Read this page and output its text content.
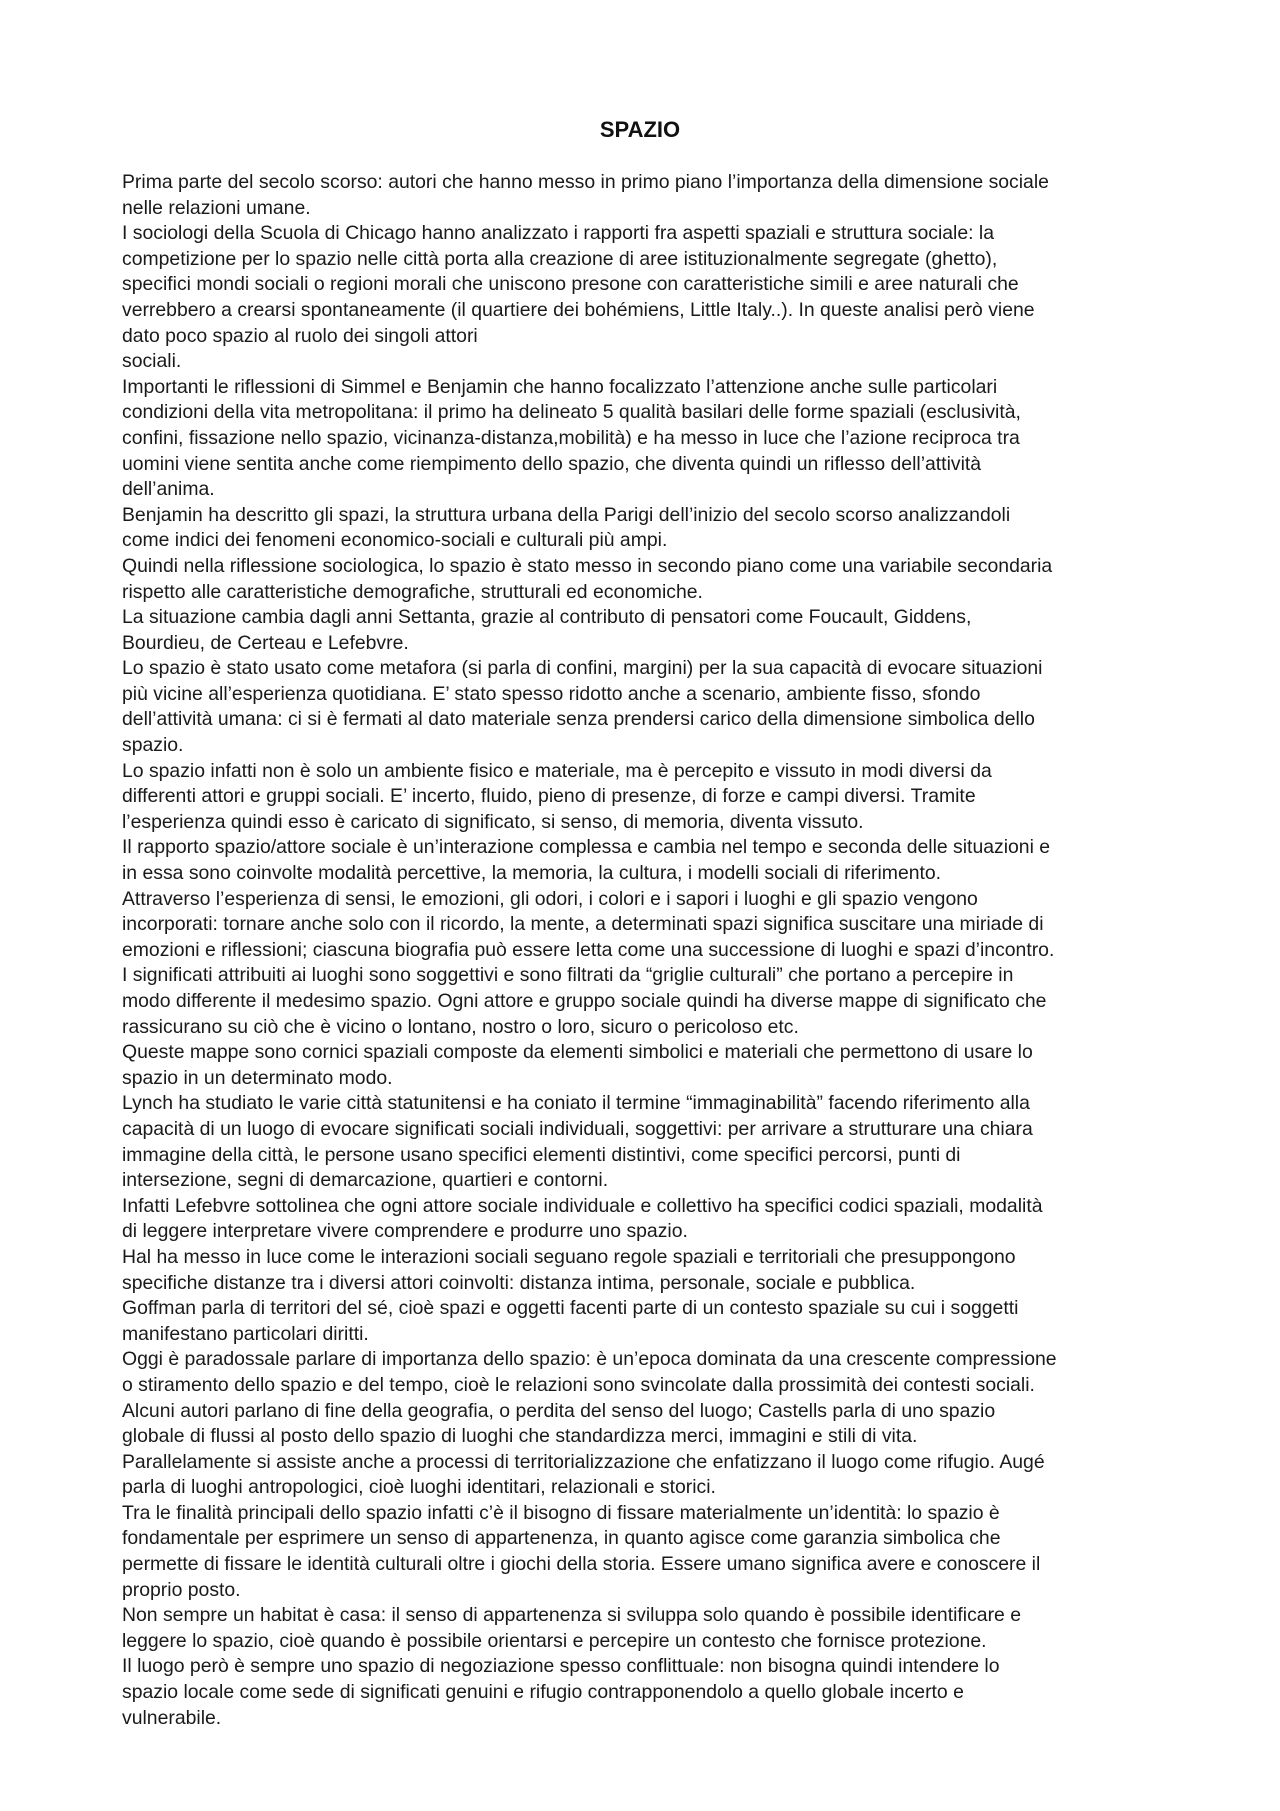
SPAZIO
Prima parte del secolo scorso: autori che hanno messo in primo piano l’importanza della dimensione sociale
nelle relazioni umane.
I sociologi della Scuola di Chicago hanno analizzato i rapporti fra aspetti spaziali e struttura sociale: la
competizione per lo spazio nelle città porta alla creazione di aree istituzionalmente segregate (ghetto),
specifici mondi sociali o regioni morali che uniscono presone con caratteristiche simili e aree naturali che
verrebbero a crearsi spontaneamente (il quartiere dei bohémiens, Little Italy..). In queste analisi però viene
dato poco spazio al ruolo dei singoli attori
sociali.
Importanti le riflessioni di Simmel e Benjamin che hanno focalizzato l’attenzione anche sulle particolari
condizioni della vita metropolitana: il primo ha delineato 5 qualità basilari delle forme spaziali (esclusività,
confini, fissazione nello spazio, vicinanza-distanza,mobilità) e ha messo in luce che l’azione reciproca tra
uomini viene sentita anche come riempimento dello spazio, che diventa quindi un riflesso dell’attività
dell’anima.
Benjamin ha descritto gli spazi, la struttura urbana della Parigi dell’inizio del secolo scorso analizzandoli
come indici dei fenomeni economico-sociali e culturali più ampi.
Quindi nella riflessione sociologica, lo spazio è stato messo in secondo piano come una variabile secondaria
rispetto alle caratteristiche demografiche, strutturali ed economiche.
La situazione cambia dagli anni Settanta, grazie al contributo di pensatori come Foucault, Giddens,
Bourdieu, de Certeau e Lefebvre.
Lo spazio è stato usato come metafora (si parla di confini, margini) per la sua capacità di evocare situazioni
più vicine all’esperienza quotidiana. E’ stato spesso ridotto anche a scenario, ambiente fisso, sfondo
dell’attività umana: ci si è fermati al dato materiale senza prendersi carico della dimensione simbolica dello
spazio.
Lo spazio infatti non è solo un ambiente fisico e materiale, ma è percepito e vissuto in modi diversi da
differenti attori e gruppi sociali. E’ incerto, fluido, pieno di presenze, di forze e campi diversi. Tramite
l’esperienza quindi esso è caricato di significato, si senso, di memoria, diventa vissuto.
Il rapporto spazio/attore sociale è un’interazione complessa e cambia nel tempo e seconda delle situazioni e
in essa sono coinvolte modalità percettive, la memoria, la cultura, i modelli sociali di riferimento.
Attraverso l’esperienza di sensi, le emozioni, gli odori, i colori e i sapori i luoghi e gli spazio vengono
incorporati: tornare anche solo con il ricordo, la mente, a determinati spazi significa suscitare una miriade di
emozioni e riflessioni; ciascuna biografia può essere letta come una successione di luoghi e spazi d’incontro.
I significati attribuiti ai luoghi sono soggettivi e sono filtrati da “griglie culturali” che portano a percepire in
modo differente il medesimo spazio. Ogni attore e gruppo sociale quindi ha diverse mappe di significato che
rassicurano su ciò che è vicino o lontano, nostro o loro, sicuro o pericoloso etc.
Queste mappe sono cornici spaziali composte da elementi simbolici e materiali che permettono di usare lo
spazio in un determinato modo.
Lynch ha studiato le varie città statunitensi e ha coniato il termine “immaginabilità” facendo riferimento alla
capacità di un luogo di evocare significati sociali individuali, soggettivi: per arrivare a strutturare una chiara
immagine della città, le persone usano specifici elementi distintivi, come specifici percorsi, punti di
intersezione, segni di demarcazione, quartieri e contorni.
Infatti Lefebvre sottolinea che ogni attore sociale individuale e collettivo ha specifici codici spaziali, modalità
di leggere interpretare vivere comprendere e produrre uno spazio.
Hal ha messo in luce come le interazioni sociali seguano regole spaziali e territoriali che presuppongono
specifiche distanze tra i diversi attori coinvolti: distanza intima, personale, sociale e pubblica.
Goffman parla di territori del sé, cioè spazi e oggetti facenti parte di un contesto spaziale su cui i soggetti
manifestano particolari diritti.
Oggi è paradossale parlare di importanza dello spazio: è un’epoca dominata da una crescente compressione
o stiramento dello spazio e del tempo, cioè le relazioni sono svincolate dalla prossimità dei contesti sociali.
Alcuni autori parlano di fine della geografia, o perdita del senso del luogo; Castells parla di uno spazio
globale di flussi al posto dello spazio di luoghi che standardizza merci, immagini e stili di vita.
Parallelamente si assiste anche a processi di territorializzazione che enfatizzano il luogo come rifugio. Augé
parla di luoghi antropologici, cioè luoghi identitari, relazionali e storici.
Tra le finalità principali dello spazio infatti c’è il bisogno di fissare materialmente un’identità: lo spazio è
fondamentale per esprimere un senso di appartenenza, in quanto agisce come garanzia simbolica che
permette di fissare le identità culturali oltre i giochi della storia. Essere umano significa avere e conoscere il
proprio posto.
Non sempre un habitat è casa: il senso di appartenenza si sviluppa solo quando è possibile identificare e
leggere lo spazio, cioè quando è possibile orientarsi e percepire un contesto che fornisce protezione.
Il luogo però è sempre uno spazio di negoziazione spesso conflittuale: non bisogna quindi intendere lo
spazio locale come sede di significati genuini e rifugio contrapponendolo a quello globale incerto e
vulnerabile.
